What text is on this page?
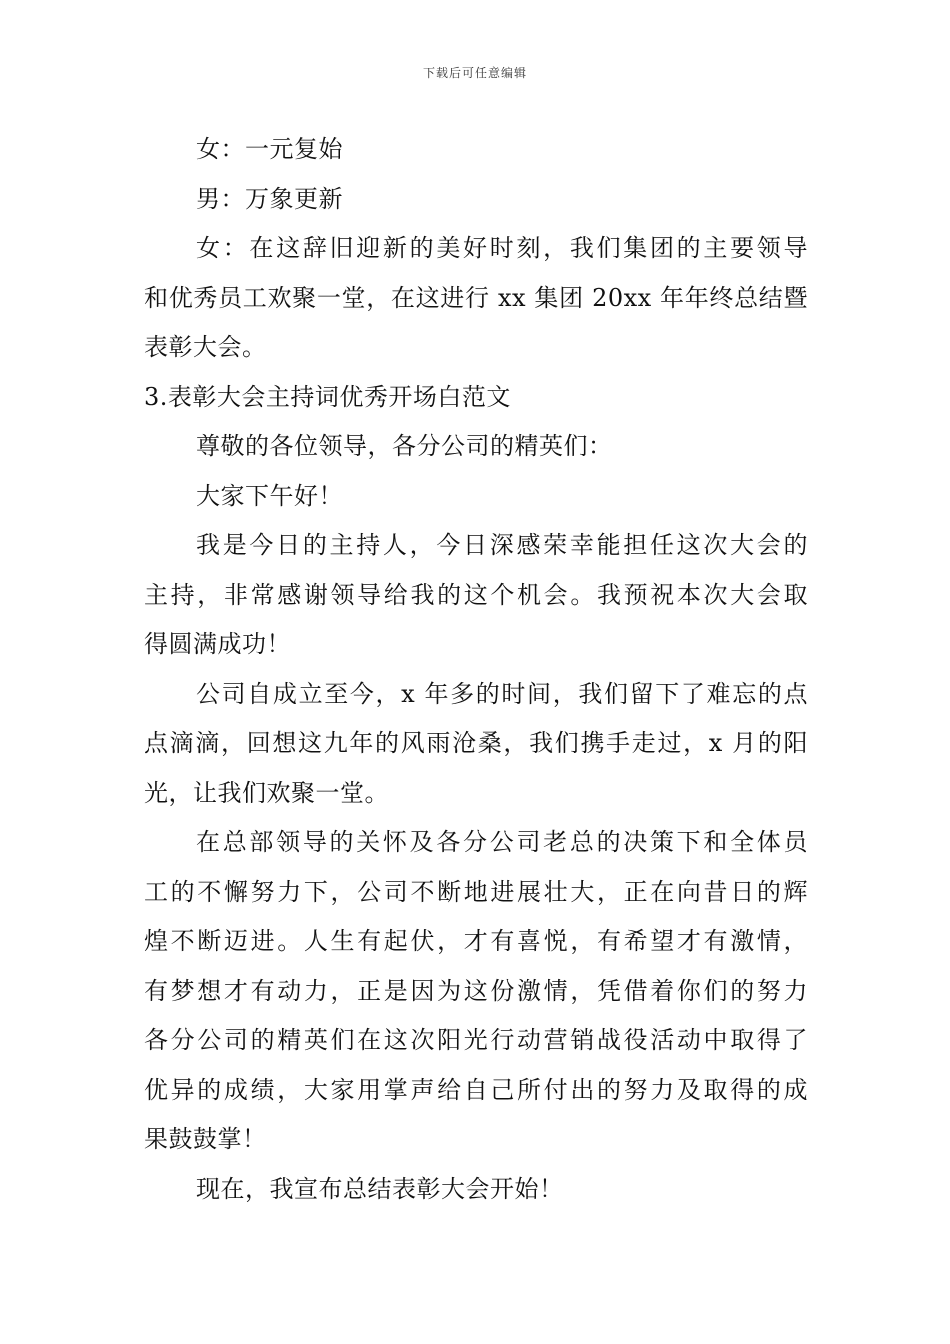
下载后可任意编辑

女：一元复始

男：万象更新

女：在这辞旧迎新的美好时刻，我们集团的主要领导

和优秀员工欢聚一堂，在这进行 xx 集团 20xx 年年终总结暨

表彰大会。

3.表彰大会主持词优秀开场白范文

尊敬的各位领导，各分公司的精英们：

大家下午好！

我是今日的主持人，今日深感荣幸能担任这次大会的

主持，非常感谢领导给我的这个机会。我预祝本次大会取

得圆满成功！

公司自成立至今，x 年多的时间，我们留下了难忘的点

点滴滴，回想这九年的风雨沧桑，我们携手走过，x 月的阳

光，让我们欢聚一堂。

在总部领导的关怀及各分公司老总的决策下和全体员

工的不懈努力下，公司不断地进展壮大，正在向昔日的辉

煌不断迈进。人生有起伏，才有喜悦，有希望才有激情，

有梦想才有动力，正是因为这份激情，凭借着你们的努力

各分公司的精英们在这次阳光行动营销战役活动中取得了

优异的成绩，大家用掌声给自己所付出的努力及取得的成

果鼓鼓掌！

现在，我宣布总结表彰大会开始！
